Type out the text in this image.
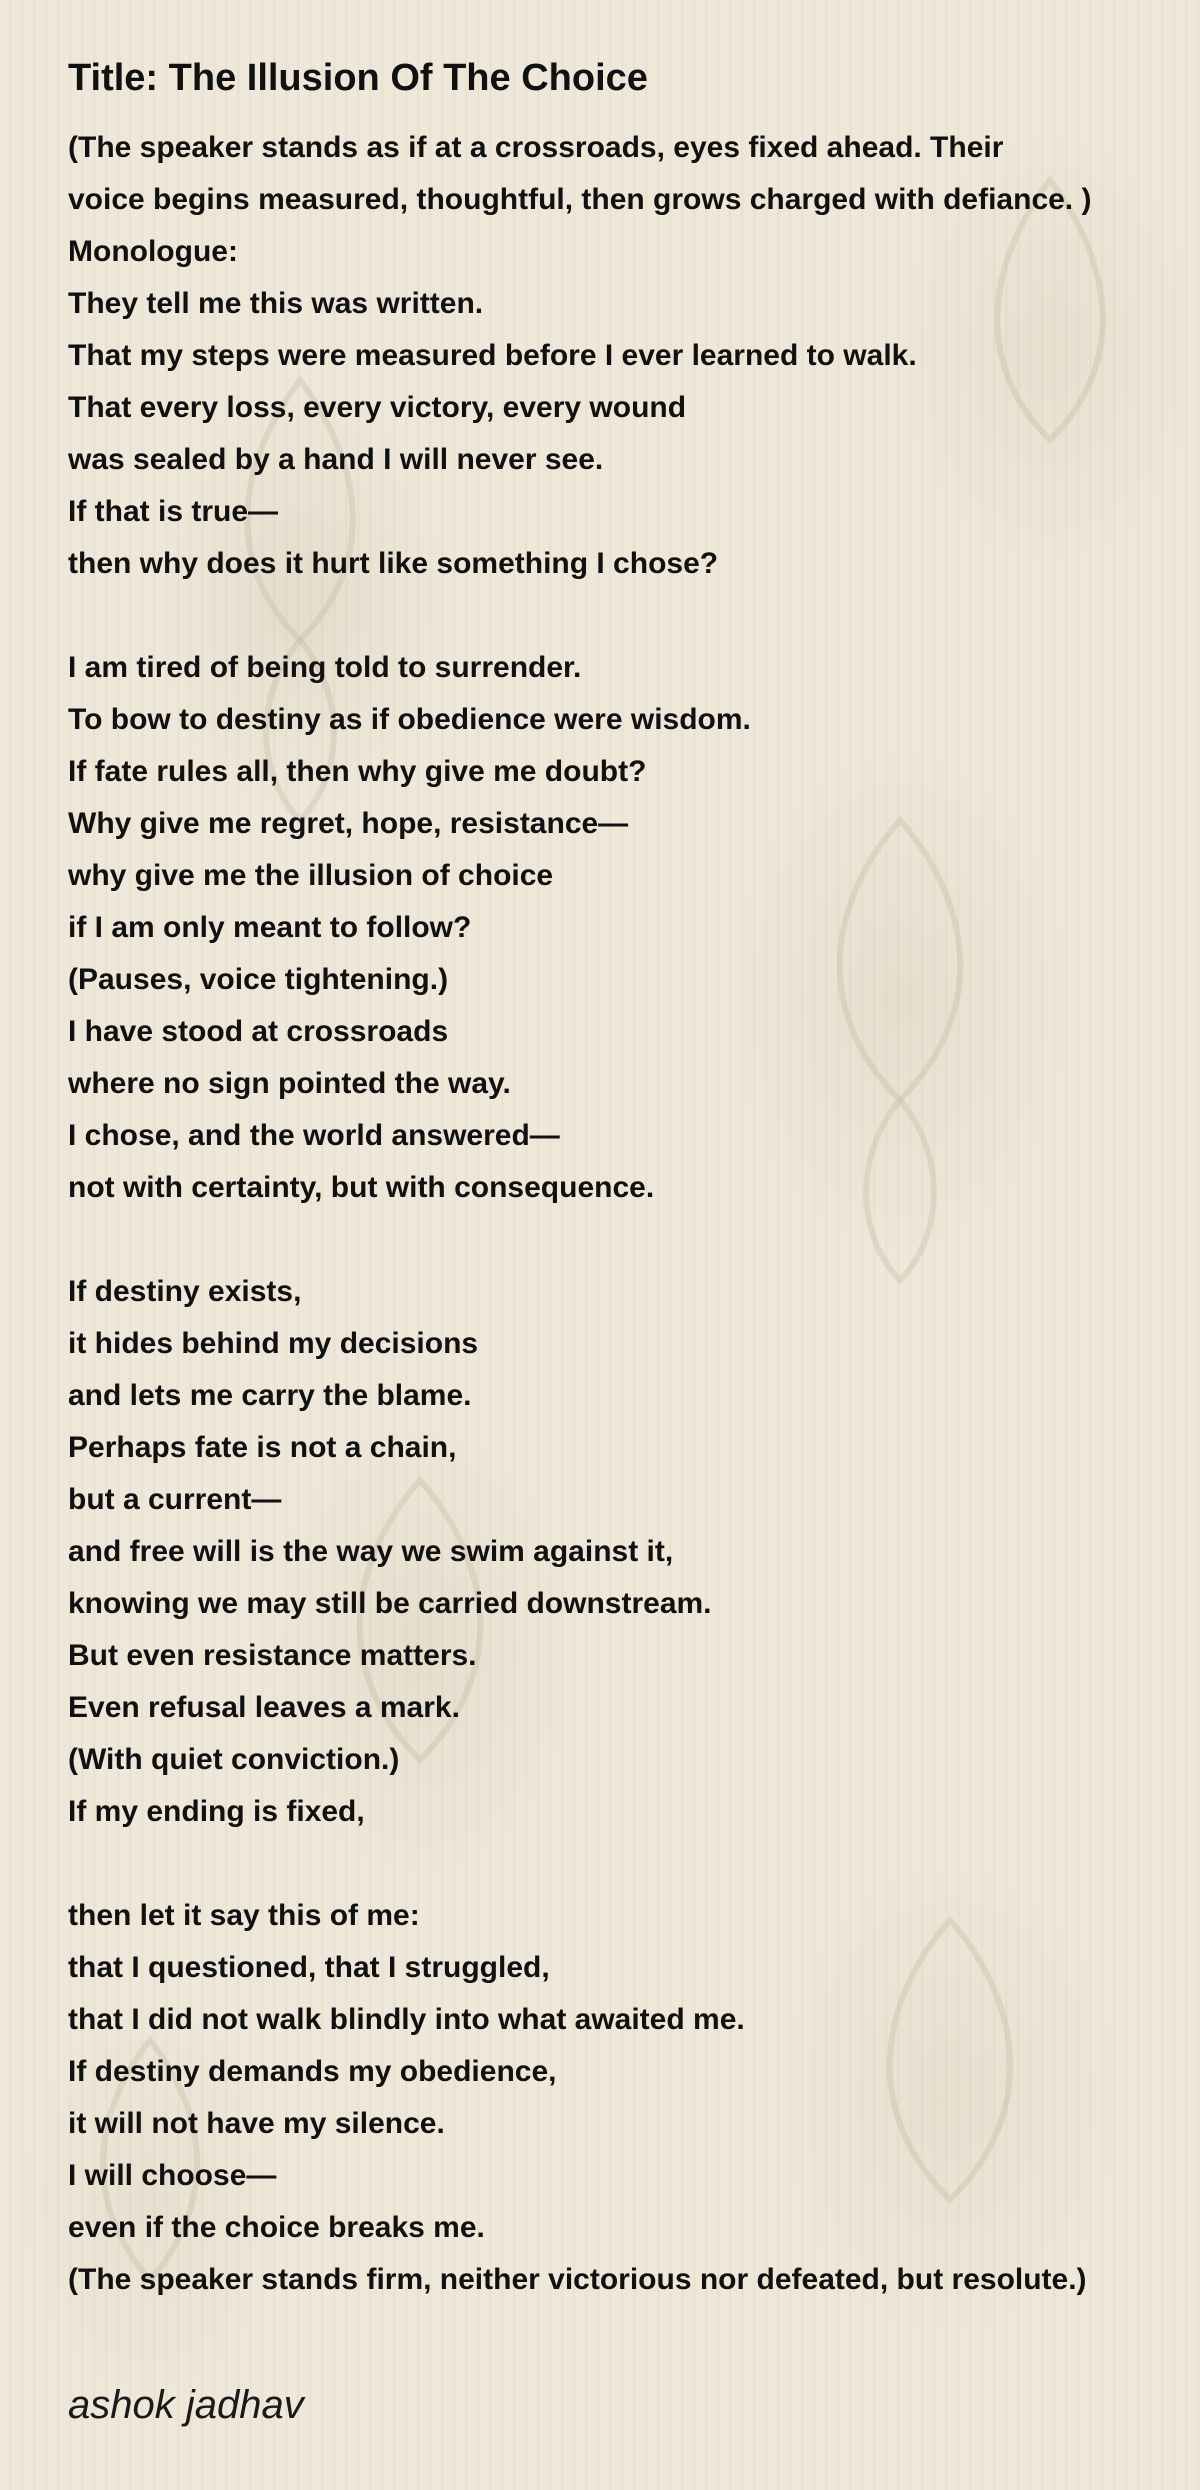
Title: The Illusion Of The Choice
(The speaker stands as if at a crossroads, eyes fixed ahead. Their
voice begins measured, thoughtful, then grows charged with defiance. )
Monologue:
They tell me this was written.
That my steps were measured before I ever learned to walk.
That every loss, every victory, every wound
was sealed by a hand I will never see.
If that is true—
then why does it hurt like something I chose?
I am tired of being told to surrender.
To bow to destiny as if obedience were wisdom.
If fate rules all, then why give me doubt?
Why give me regret, hope, resistance—
why give me the illusion of choice
if I am only meant to follow?
(Pauses, voice tightening.)
I have stood at crossroads
where no sign pointed the way.
I chose, and the world answered—
not with certainty, but with consequence.
If destiny exists,
it hides behind my decisions
and lets me carry the blame.
Perhaps fate is not a chain,
but a current—
and free will is the way we swim against it,
knowing we may still be carried downstream.
But even resistance matters.
Even refusal leaves a mark.
(With quiet conviction.)
If my ending is fixed,
then let it say this of me:
that I questioned, that I struggled,
that I did not walk blindly into what awaited me.
If destiny demands my obedience,
it will not have my silence.
I will choose—
even if the choice breaks me.
(The speaker stands firm, neither victorious nor defeated, but resolute.)
ashok jadhav
